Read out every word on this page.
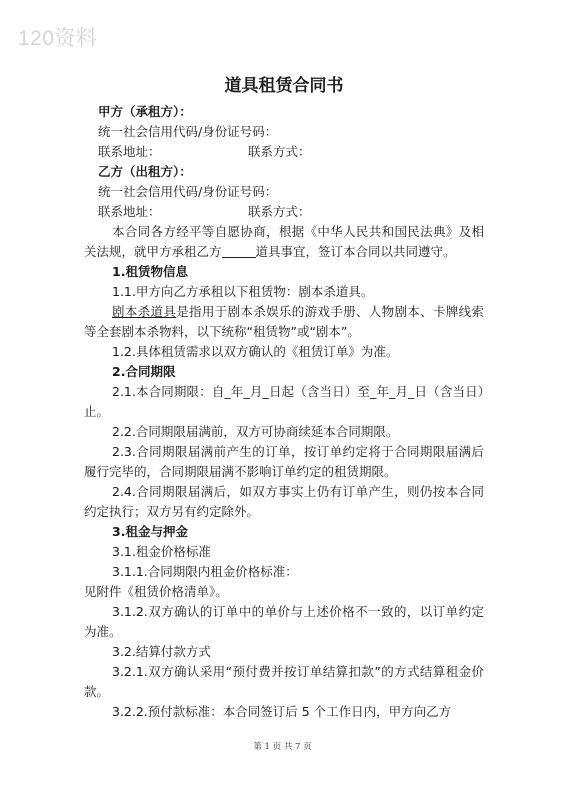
120资料
道具租赁合同书
甲方（承租方）：
统一社会信用代码/身份证号码：
联系地址：	联系方式：
乙方（出租方）：
统一社会信用代码/身份证号码：
联系地址：	联系方式：
本合同各方经平等自愿协商，根据《中华人民共和国民法典》及相关法规，就甲方承租乙方	道具事宜，签订本合同以共同遵守。
1.租赁物信息
1.1.甲方向乙方承租以下租赁物：剧本杀道具。
剧本杀道具是指用于剧本杀娱乐的游戏手册、人物剧本、卡牌线索等全套剧本杀物料，以下统称“租赁物”或“剧本”。
1.2.具体租赁需求以双方确认的《租赁订单》为准。
2.合同期限
2.1.本合同期限：自_年_月_日起（含当日）至_年_月_日（含当日）止。
2.2.合同期限届满前，双方可协商续延本合同期限。
2.3.合同期限届满前产生的订单，按订单约定将于合同期限届满后履行完毕的，合同期限届满不影响订单约定的租赁期限。
2.4.合同期限届满后，如双方事实上仍有订单产生，则仍按本合同约定执行；双方另有约定除外。
3.租金与押金
3.1.租金价格标准
3.1.1.合同期限内租金价格标准：
见附件《租赁价格清单》。
3.1.2.双方确认的订单中的单价与上述价格不一致的，以订单约定为准。
3.2.结算付款方式
3.2.1.双方确认采用“预付费并按订单结算扣款”的方式结算租金价款。
3.2.2.预付款标准：本合同签订后 5 个工作日内，甲方向乙方
第 1 页 共 7 页
